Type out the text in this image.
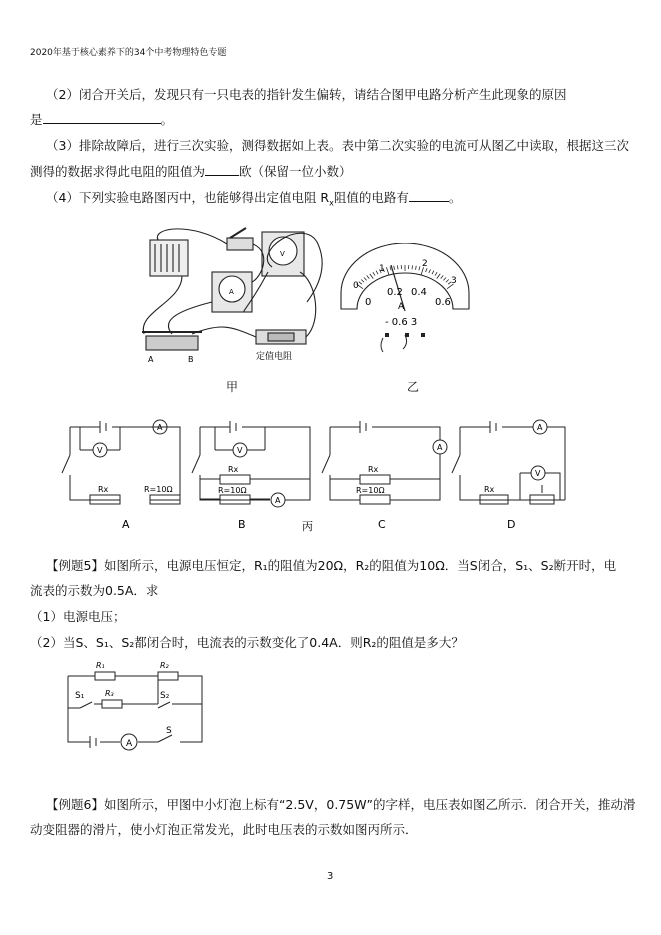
2020年基于核心素养下的34个中考物理特色专题
（2）闭合开关后，发现只有一只电表的指针发生偏转，请结合图甲电路分析产生此现象的原因
是	。
（3）排除故障后，进行三次实验，测得数据如上表。表中第二次实验的电流可从图乙中读取，根据这三次
测得的数据求得此电阻的阻值为	欧（保留一位小数）
（4）下列实验电路图丙中，也能够得出定值电阻 $R_x$阻值的电路有	。
A
V
A	B	定值电阻
甲
0
1	2
3
0
0.2 0.4
0.6
A
- 0.6 3
乙
V
A
Rx	R=10Ω
V
A
Rx
R=10Ω
A
Rx
R=10Ω
A
V
Rx
A	B	丙	C	D
【例题5】如图所示，电源电压恒定，R₁的阻值为20Ω，R₂的阻值为10Ω．当S闭合，S₁、S₂断开时，电
流表的示数为0.5A．求
（1）电源电压；
（2）当S、S₁、S₂都闭合时，电流表的示数变化了0.4A．则R₂的阻值是多大？
R₁	R₂
R₃
S₁	S₂
S
A
【例题6】如图所示，甲图中小灯泡上标有“2.5V，0.75W”的字样，电压表如图乙所示．闭合开关，推动滑
动变阻器的滑片，使小灯泡正常发光，此时电压表的示数如图丙所示．
3
